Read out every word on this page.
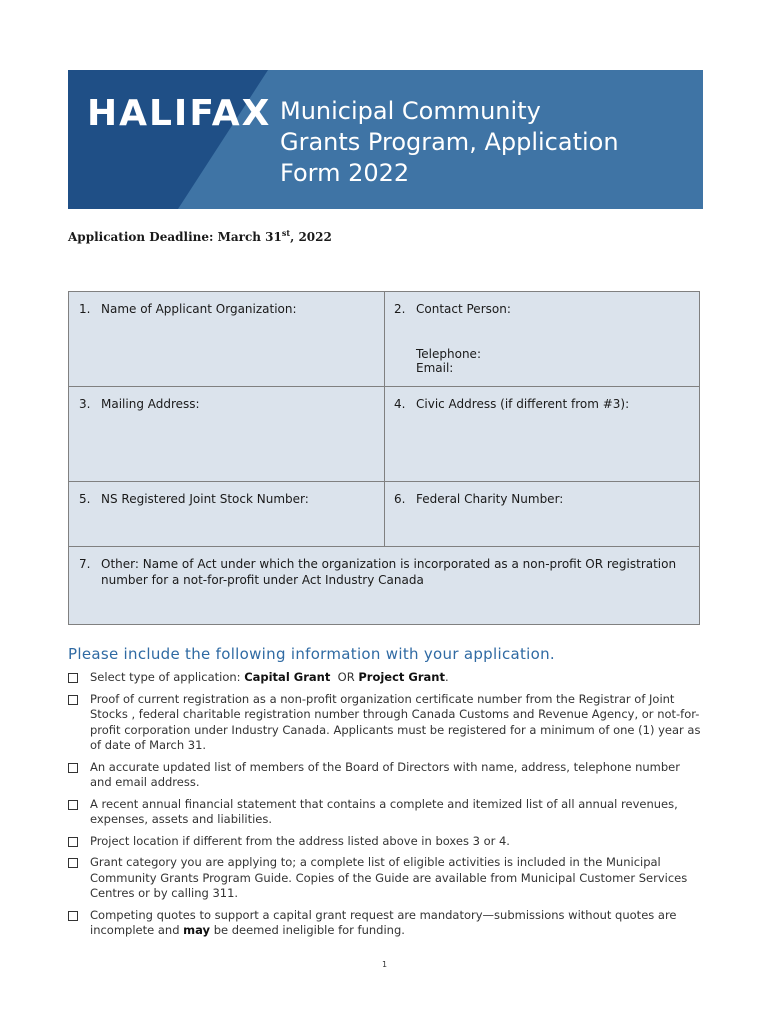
HALIFAX Municipal Community
Grants Program, Application
Form 2022
Application Deadline: March 31st, 2022
1. Name of Applicant Organization:	2. Contact Person:
Telephone:
Email:
3. Mailing Address:	4. Civic Address (if different from #3):
5. NS Registered Joint Stock Number:	6. Federal Charity Number:
7. Other: Name of Act under which the organization is incorporated as a non-profit OR registration
number for a not-for-profit under Act Industry Canada
Please include the following information with your application.
Select type of application: Capital Grant  OR Project Grant.
Proof of current registration as a non-profit organization certificate number from the Registrar of Joint Stocks , federal charitable registration number through Canada Customs and Revenue Agency, or not-for-profit corporation under Industry Canada. Applicants must be registered for a minimum of one (1) year as of date of March 31.
An accurate updated list of members of the Board of Directors with name, address, telephone number and email address.
A recent annual financial statement that contains a complete and itemized list of all annual revenues, expenses, assets and liabilities.
Project location if different from the address listed above in boxes 3 or 4.
Grant category you are applying to; a complete list of eligible activities is included in the Municipal Community Grants Program Guide. Copies of the Guide are available from Municipal Customer Services Centres or by calling 311.
Competing quotes to support a capital grant request are mandatory—submissions without quotes are incomplete and may be deemed ineligible for funding.
1
